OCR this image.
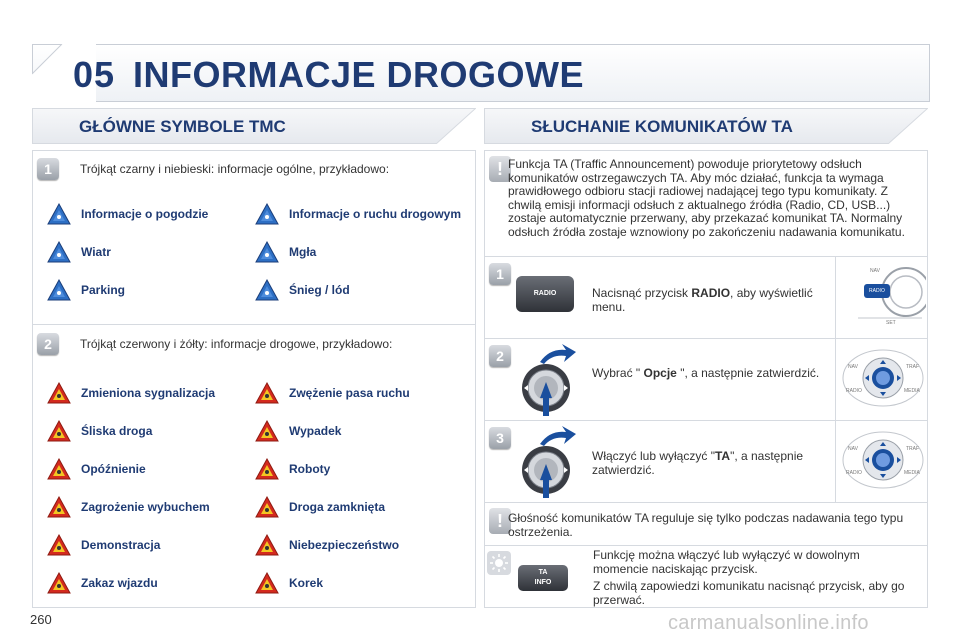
05 INFORMACJE DROGOWE
GŁÓWNE SYMBOLE TMC	SŁUCHANIE KOMUNIKATÓW TA
1	Trójkąt czarny i niebieski: informacje ogólne, przykładowo:
2	Trójkąt czerwony i żółty: informacje drogowe, przykładowo:
Informacje o pogodzie	Informacje o ruchu drogowym
Wiatr	Mgła
Parking	Śnieg / lód
Zmieniona sygnalizacja	Zwężenie pasa ruchu
Śliska droga	Wypadek
Opóźnienie	Roboty
Zagrożenie wybuchem	Droga zamknięta
Demonstracja	Niebezpieczeństwo
Zakaz wjazdu	Korek
! Funkcja TA (Traffic Announcement) powoduje priorytetowy odsłuch komunikatów ostrzegawczych TA. Aby móc działać, funkcja ta wymaga prawidłowego odbioru stacji radiowej nadającej tego typu komunikaty. Z chwilą emisji informacji odsłuch z aktualnego źródła (Radio, CD, USB...) zostaje automatycznie przerwany, aby przekazać komunikat TA. Normalny odsłuch źródła zostaje wznowiony po zakończeniu nadawania komunikatu.
1
RADIO	Nacisnąć przycisk RADIO, aby wyświetlić menu.
2
Wybrać " Opcje ", a następnie zatwierdzić.
3
Włączyć lub wyłączyć "TA", a następnie zatwierdzić.
NAV
RADIO
SET
NAV	TRAF
RADIO	MEDIA
NAV	TRAF
RADIO	MEDIA
! Głośność komunikatów TA reguluje się tylko podczas nadawania tego typu ostrzeżenia.
TA
INFO
Funkcję można włączyć lub wyłączyć w dowolnym momencie naciskając przycisk.
Z chwilą zapowiedzi komunikatu nacisnąć przycisk, aby go przerwać.
260	carmanualsonline.info
